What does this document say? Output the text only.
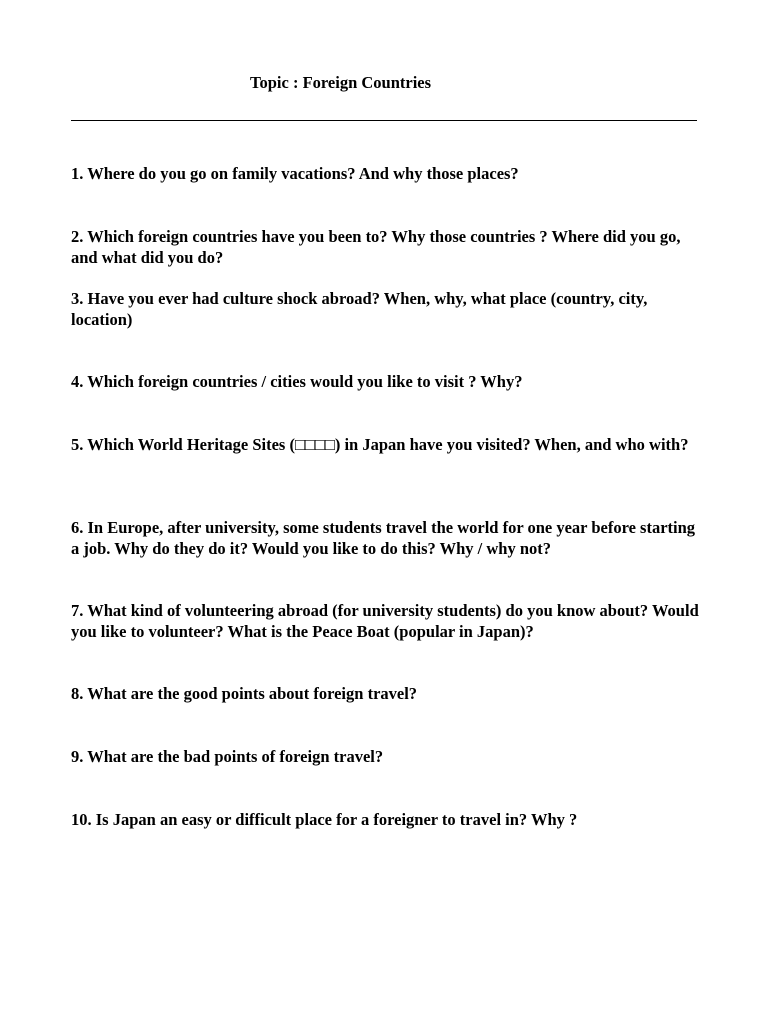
Topic : Foreign Countries
1. Where do you go on family vacations? And why those places?
2. Which foreign countries have you been to? Why those countries ? Where did you go, and what did you do?
3. Have you ever had culture shock abroad? When, why, what place (country, city, location)
4. Which foreign countries / cities would you like to visit ? Why?
5. Which World Heritage Sites (□□□□) in Japan have you visited? When, and who with?
6. In Europe, after university, some students travel the world for one year before starting a job. Why do they do it? Would you like to do this? Why / why not?
7. What kind of volunteering abroad (for university students) do you know about? Would you like to volunteer? What is the Peace Boat (popular in Japan)?
8. What are the good points about foreign travel?
9. What are the bad points of foreign travel?
10. Is Japan an easy or difficult place for a foreigner to travel in? Why ?
